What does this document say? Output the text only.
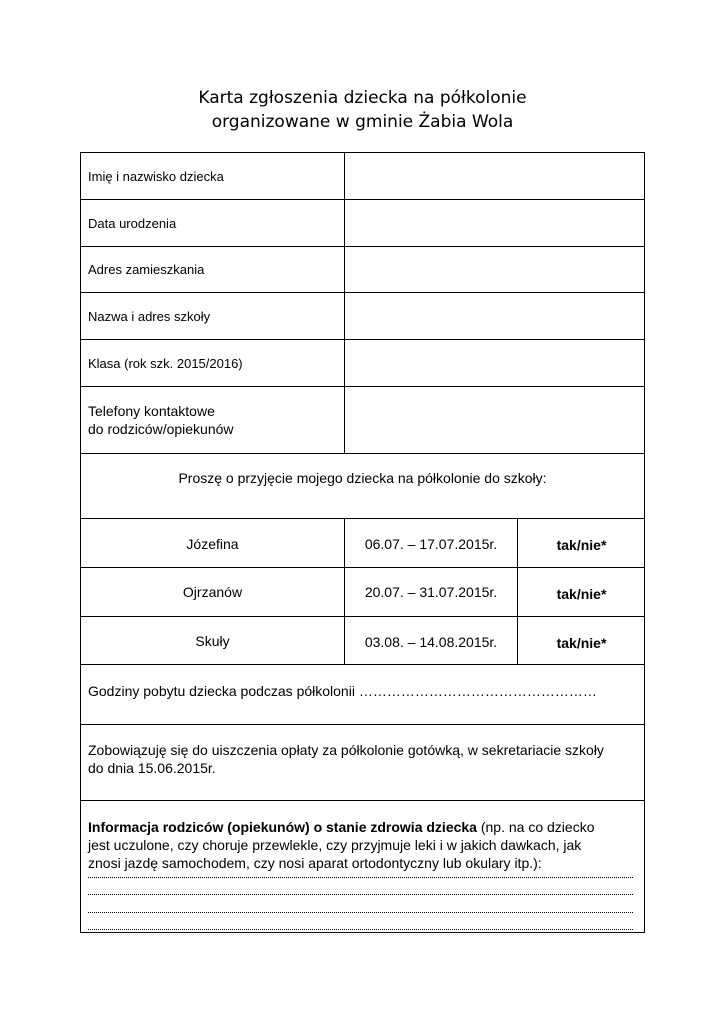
Karta zgłoszenia dziecka na półkolonie
organizowane w gminie Żabia Wola
Imię i nazwisko dziecka
Data urodzenia
Adres zamieszkania
Nazwa i adres szkoły
Klasa (rok szk. 2015/2016)
Telefony kontaktowe
do rodziców/opiekunów
Proszę o przyjęcie mojego dziecka na półkolonie do szkoły:
Józefina	06.07. – 17.07.2015r.	tak/nie*
Ojrzanów	20.07. – 31.07.2015r.	tak/nie*
Skuły	03.08. – 14.08.2015r.	tak/nie*
Godziny pobytu dziecka podczas półkolonii ……………………………………………
Zobowiązuję się do uiszczenia opłaty za półkolonie gotówką, w sekretariacie szkoły
do dnia 15.06.2015r.
Informacja rodziców (opiekunów) o stanie zdrowia dziecka (np. na co dziecko
jest uczulone, czy choruje przewlekle, czy przyjmuje leki i w jakich dawkach, jak
znosi jazdę samochodem, czy nosi aparat ortodontyczny lub okulary itp.):
